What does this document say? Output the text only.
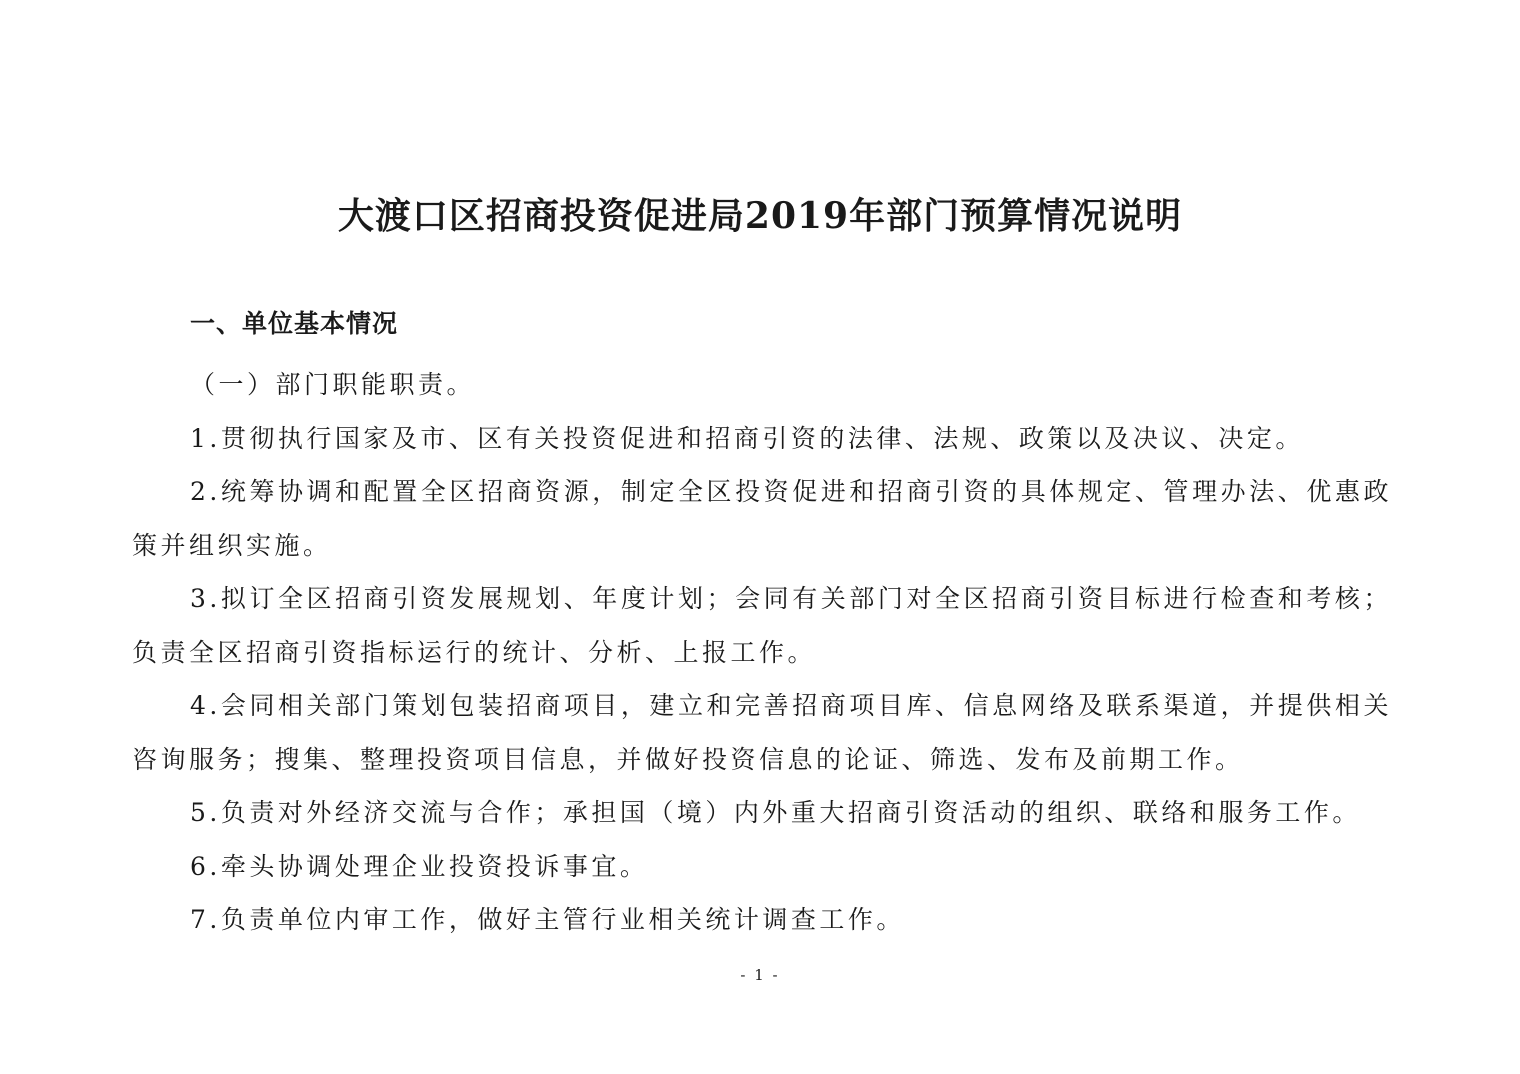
大渡口区招商投资促进局2019年部门预算情况说明
一、单位基本情况

（一）部门职能职责。

1.贯彻执行国家及市、区有关投资促进和招商引资的法律、法规、政策以及决议、决定。

2.统筹协调和配置全区招商资源，制定全区投资促进和招商引资的具体规定、管理办法、优惠政策并组织实施。

3.拟订全区招商引资发展规划、年度计划；会同有关部门对全区招商引资目标进行检查和考核；负责全区招商引资指标运行的统计、分析、上报工作。

4.会同相关部门策划包装招商项目，建立和完善招商项目库、信息网络及联系渠道，并提供相关咨询服务；搜集、整理投资项目信息，并做好投资信息的论证、筛选、发布及前期工作。

5.负责对外经济交流与合作；承担国（境）内外重大招商引资活动的组织、联络和服务工作。

6.牵头协调处理企业投资投诉事宜。

7.负责单位内审工作，做好主管行业相关统计调查工作。

- 1 -
